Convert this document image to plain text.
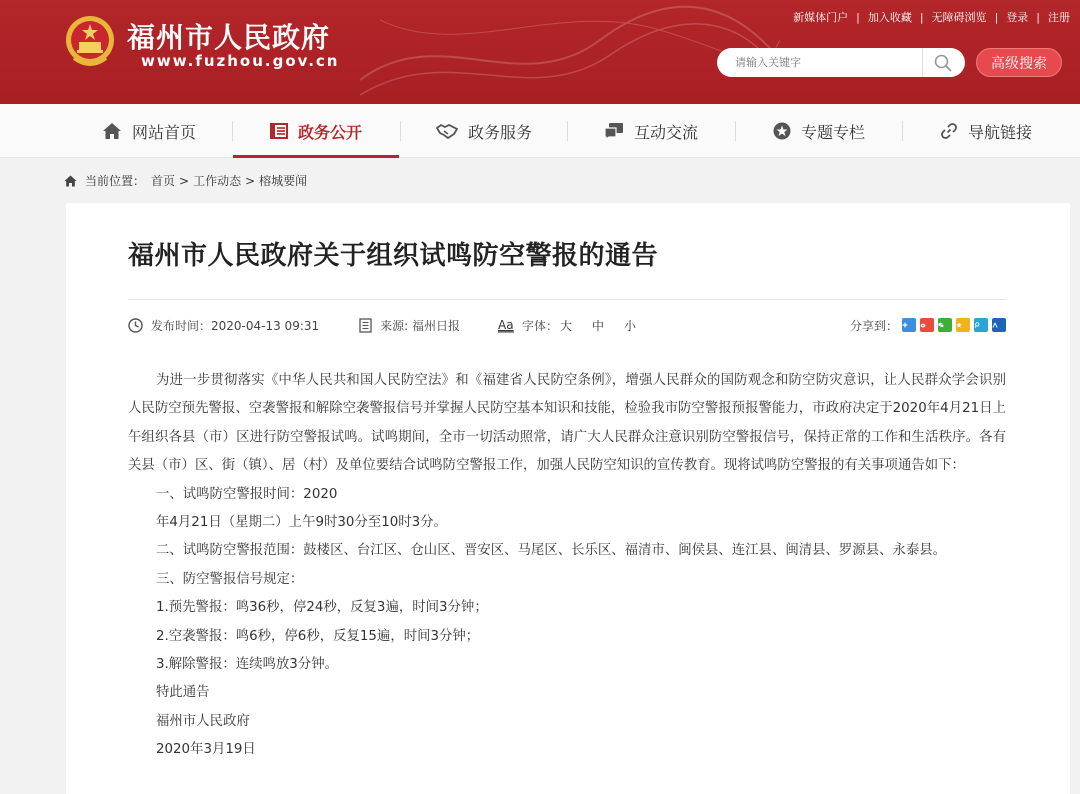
福州市人民政府
www.fuzhou.gov.cn
新媒体门户 | 加入收藏 | 无障碍浏览 | 登录 | 注册
请输入关键字
高级搜索
网站首页	政务公开	政务服务	互动交流	专题专栏	导航链接
当前位置： 首页 > 工作动态 > 榕城要闻
福州市人民政府关于组织试鸣防空警报的通告
发布时间：2020-04-13 09:31	来源: 福州日报	Aa 字体： 大 中 小	分享到：

为进一步贯彻落实《中华人民共和国人民防空法》和《福建省人民防空条例》，增强人民群众的国防观念和防空防灾意识，让人民群众学会识别人民防空预先警报、空袭警报和解除空袭警报信号并掌握人民防空基本知识和技能，检验我市防空警报预报警能力，市政府决定于2020年4月21日上午组织各县（市）区进行防空警报试鸣。试鸣期间，全市一切活动照常，请广大人民群众注意识别防空警报信号，保持正常的工作和生活秩序。各有关县（市）区、街（镇）、居（村）及单位要结合试鸣防空警报工作，加强人民防空知识的宣传教育。现将试鸣防空警报的有关事项通告如下：

一、试鸣防空警报时间：2020

年4月21日（星期二）上午9时30分至10时3分。

二、试鸣防空警报范围：鼓楼区、台江区、仓山区、晋安区、马尾区、长乐区、福清市、闽侯县、连江县、闽清县、罗源县、永泰县。

三、防空警报信号规定：

1.预先警报：鸣36秒，停24秒，反复3遍，时间3分钟；

2.空袭警报：鸣6秒，停6秒，反复15遍，时间3分钟；

3.解除警报：连续鸣放3分钟。

特此通告

福州市人民政府

2020年3月19日
